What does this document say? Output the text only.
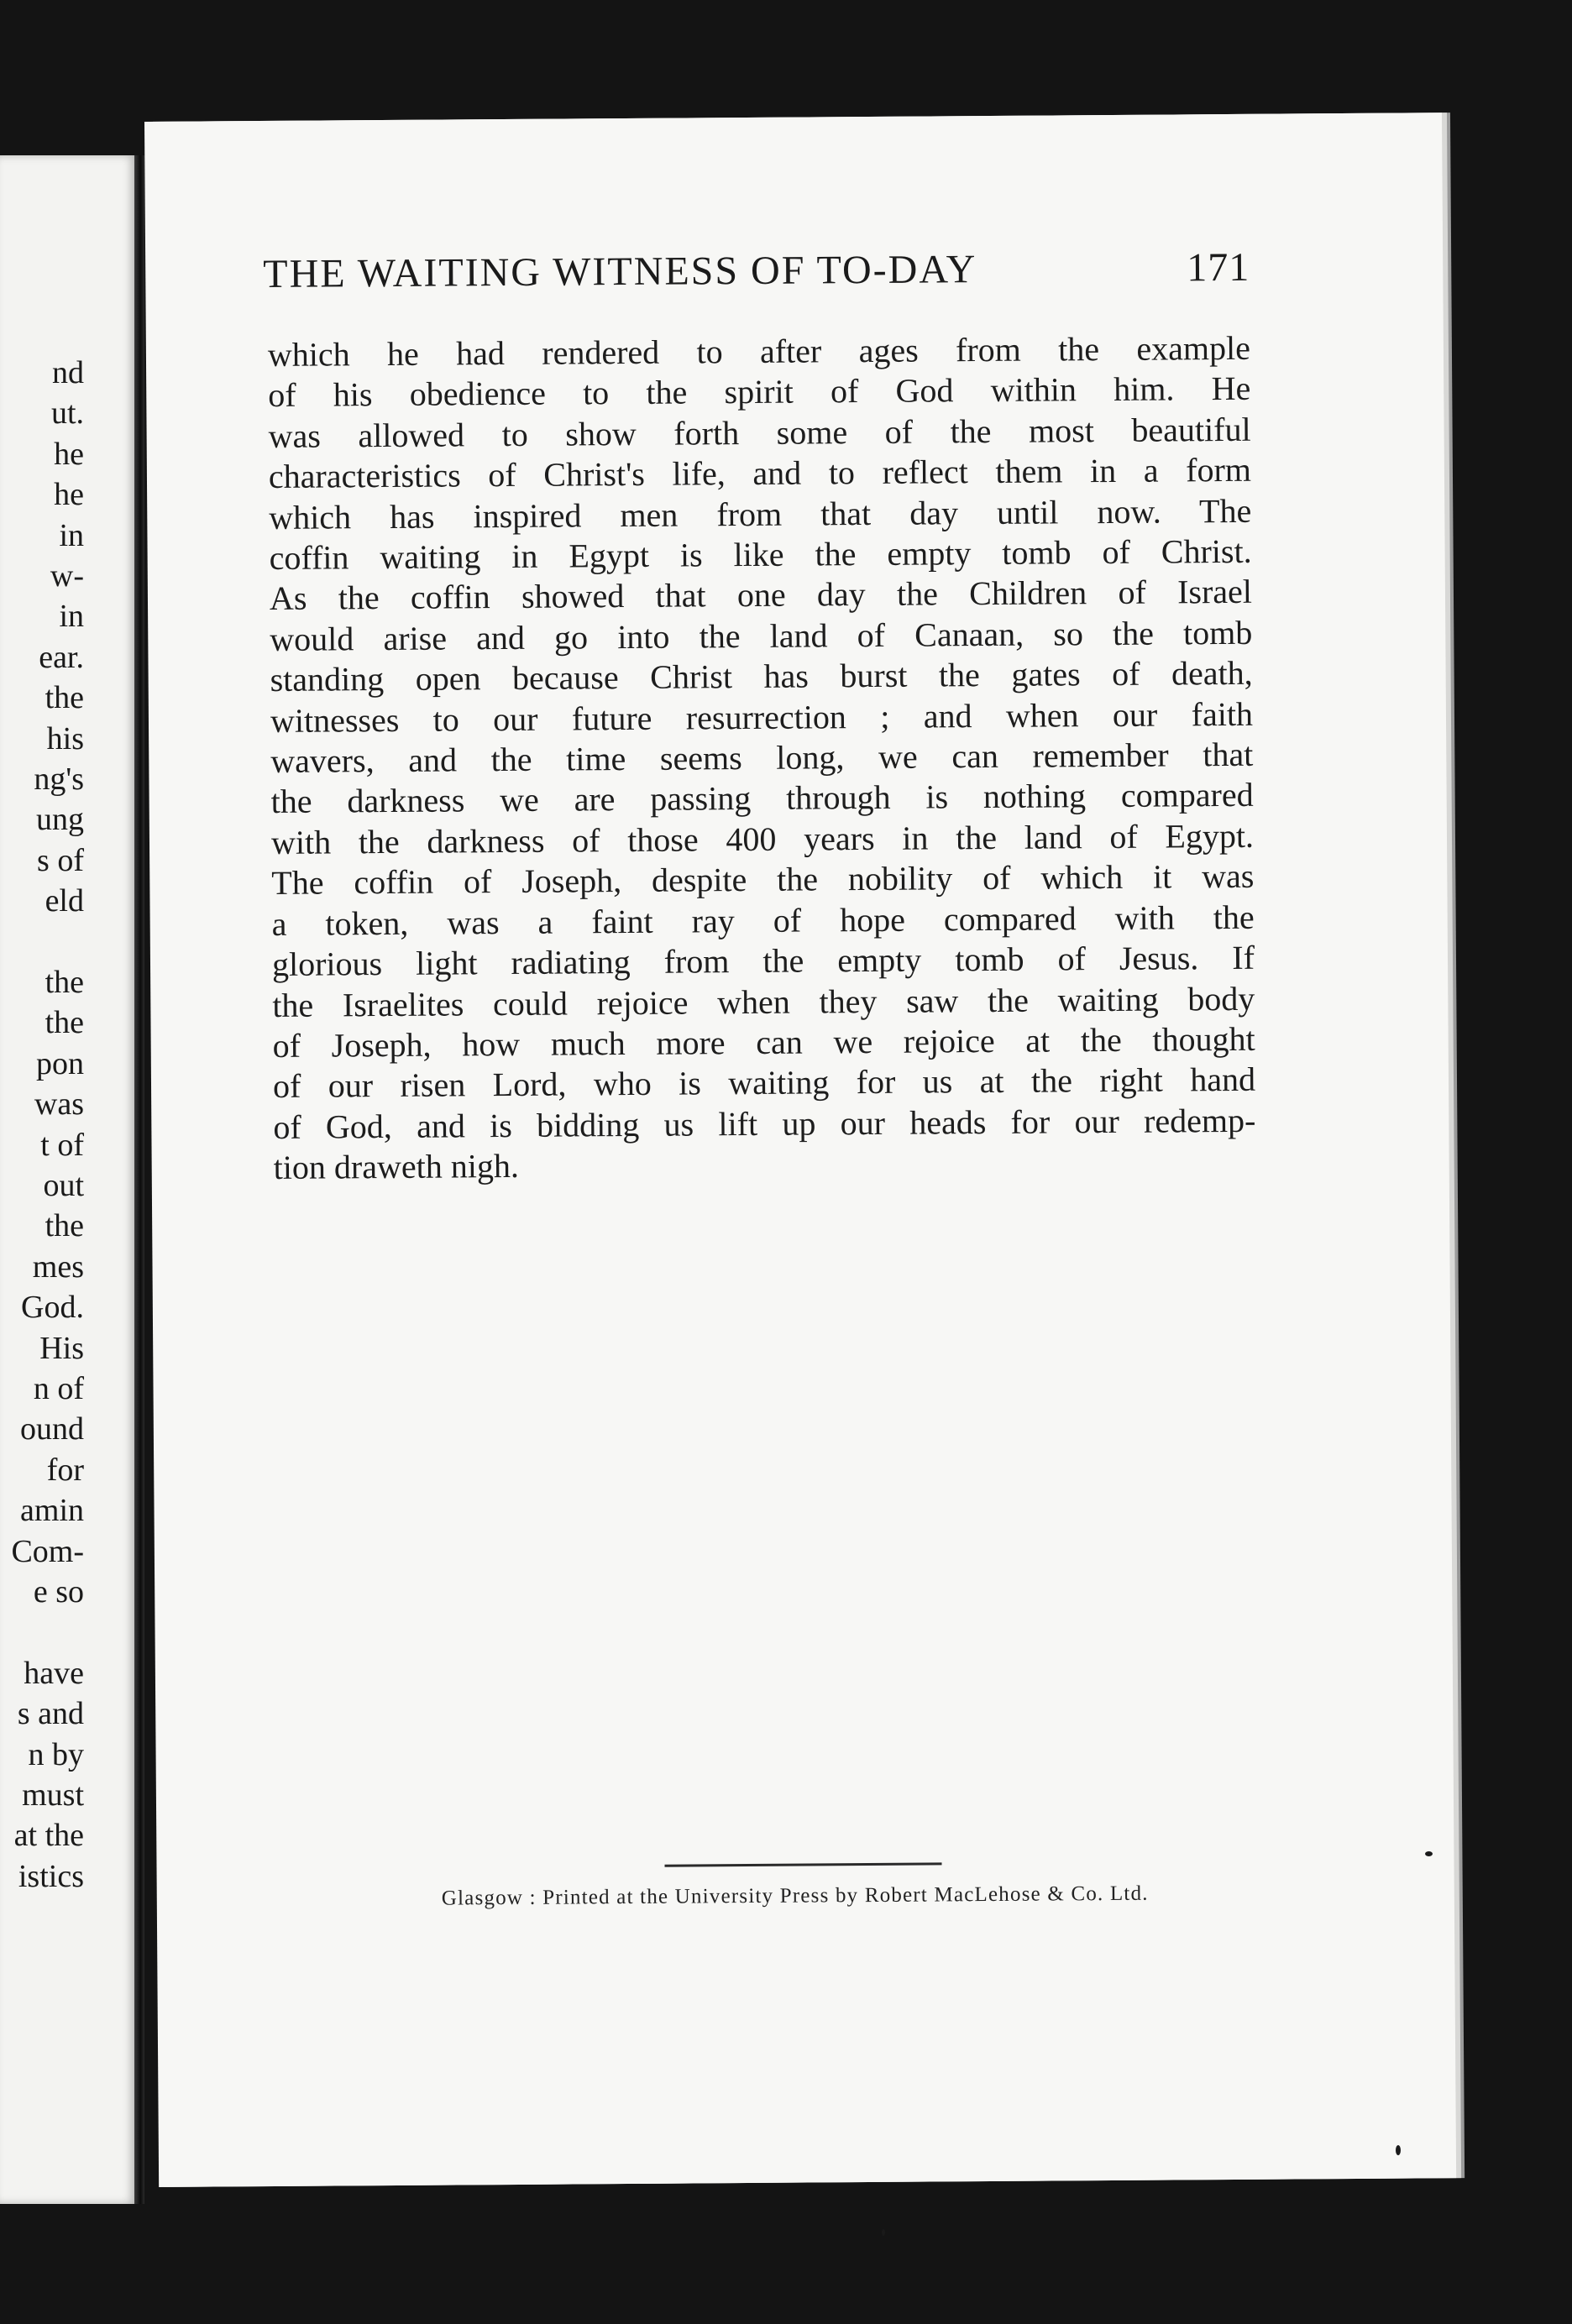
nd
ut.
he
he
in
w-
in
ear.
the
his
ng's
ung
s of
eld
the
the
pon
was
t of
out
the
mes
God.
His
n of
ound
for
amin
Com-
e so
have
s and
n by
must
at the
istics
THE WAITING WITNESS OF TO-DAY	171
which he had rendered to after ages from the example
of his obedience to the spirit of God within him. He
was allowed to show forth some of the most beautiful
characteristics of Christ's life, and to reflect them in a form
which has inspired men from that day until now. The
coffin waiting in Egypt is like the empty tomb of Christ.
As the coffin showed that one day the Children of Israel
would arise and go into the land of Canaan, so the tomb
standing open because Christ has burst the gates of death,
witnesses to our future resurrection ; and when our faith
wavers, and the time seems long, we can remember that
the darkness we are passing through is nothing compared
with the darkness of those 400 years in the land of Egypt.
The coffin of Joseph, despite the nobility of which it was
a token, was a faint ray of hope compared with the
glorious light radiating from the empty tomb of Jesus. If
the Israelites could rejoice when they saw the waiting body
of Joseph, how much more can we rejoice at the thought
of our risen Lord, who is waiting for us at the right hand
of God, and is bidding us lift up our heads for our redemp-
tion draweth nigh.
Glasgow : Printed at the University Press by Robert MacLehose & Co. Ltd.
